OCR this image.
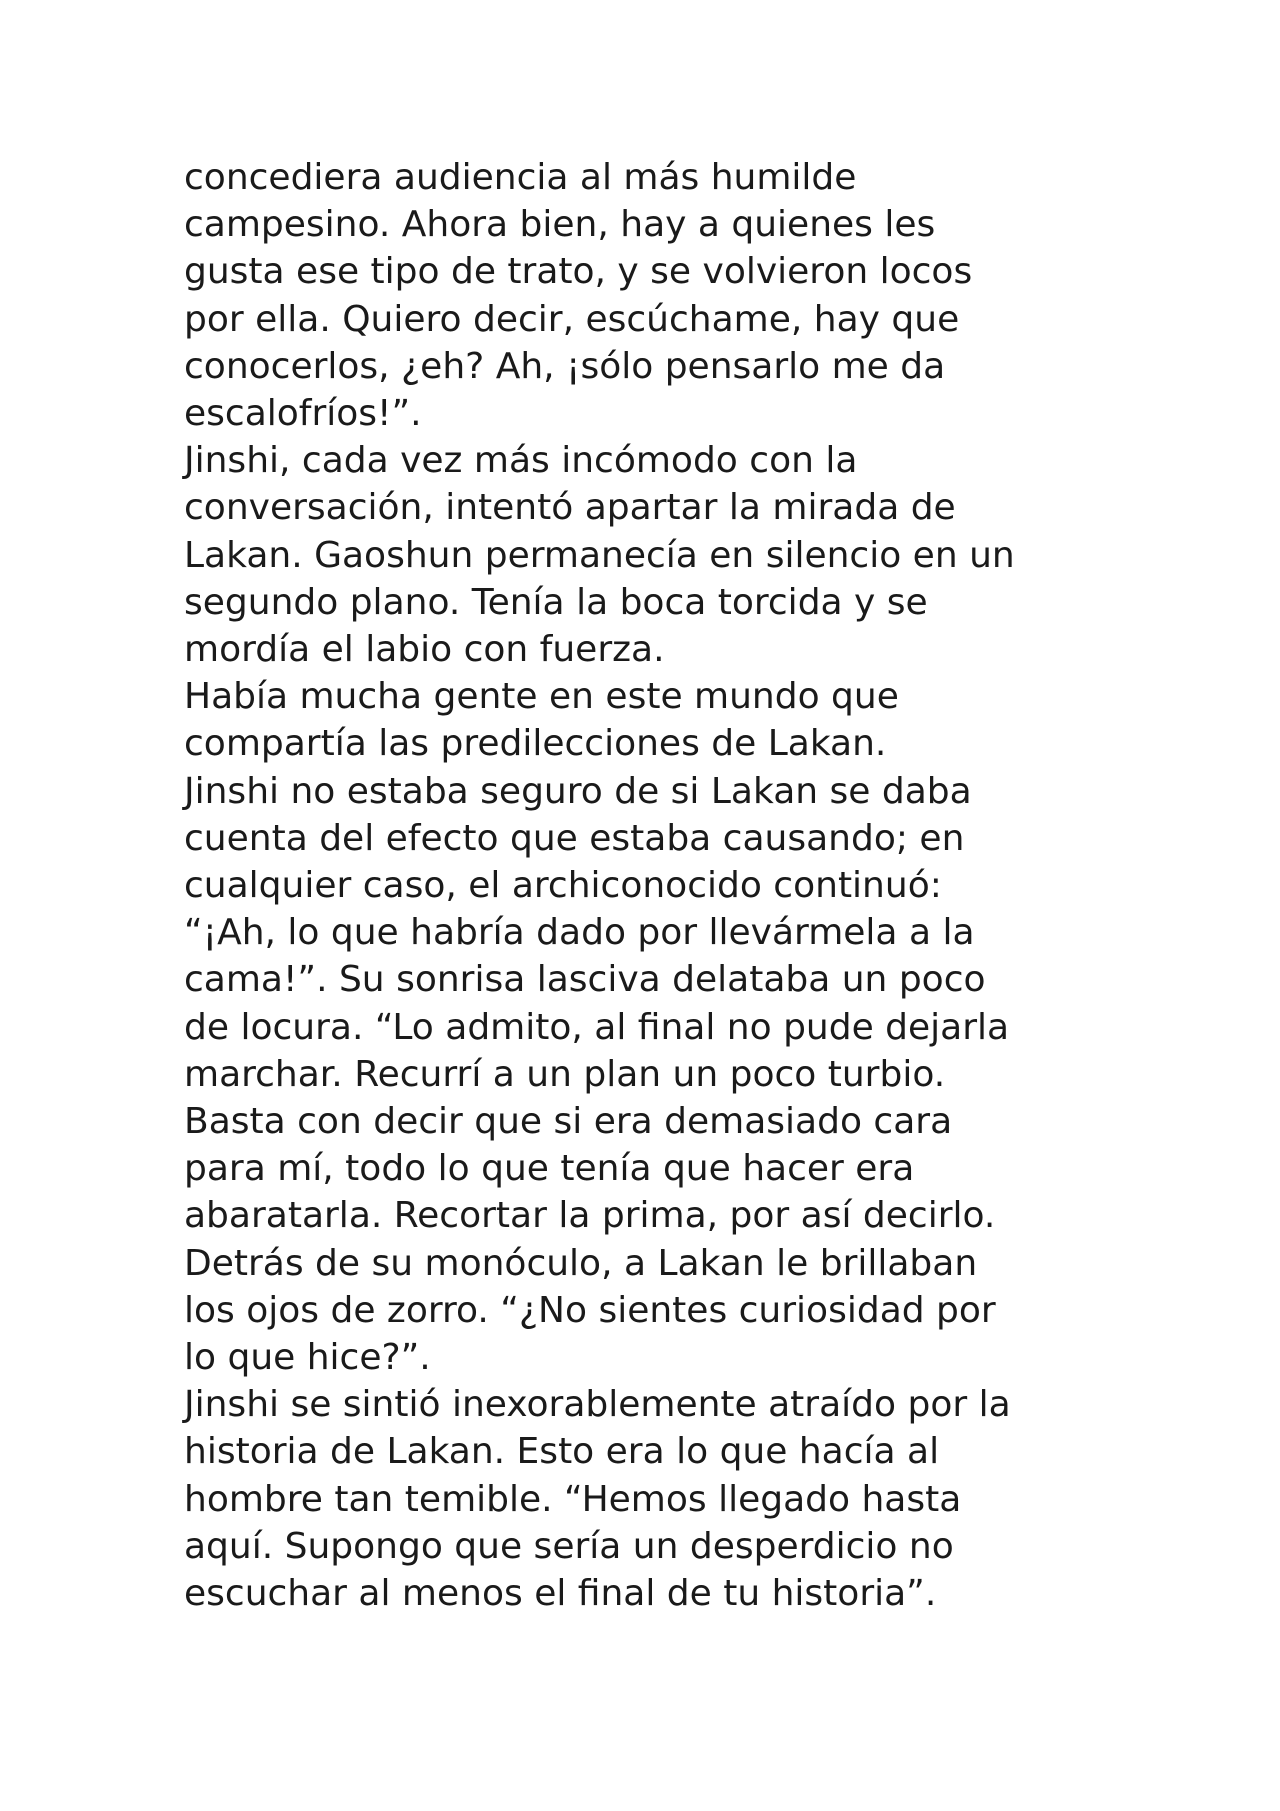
concediera audiencia al más humilde
campesino. Ahora bien, hay a quienes les
gusta ese tipo de trato, y se volvieron locos
por ella. Quiero decir, escúchame, hay que
conocerlos, ¿eh? Ah, ¡sólo pensarlo me da
escalofríos!”.
Jinshi, cada vez más incómodo con la
conversación, intentó apartar la mirada de
Lakan. Gaoshun permanecía en silencio en un
segundo plano. Tenía la boca torcida y se
mordía el labio con fuerza.
Había mucha gente en este mundo que
compartía las predilecciones de Lakan.
Jinshi no estaba seguro de si Lakan se daba
cuenta del efecto que estaba causando; en
cualquier caso, el archiconocido continuó:
“¡Ah, lo que habría dado por llevármela a la
cama!”. Su sonrisa lasciva delataba un poco
de locura. “Lo admito, al final no pude dejarla
marchar. Recurrí a un plan un poco turbio.
Basta con decir que si era demasiado cara
para mí, todo lo que tenía que hacer era
abaratarla. Recortar la prima, por así decirlo.
Detrás de su monóculo, a Lakan le brillaban
los ojos de zorro. “¿No sientes curiosidad por
lo que hice?”.
Jinshi se sintió inexorablemente atraído por la
historia de Lakan. Esto era lo que hacía al
hombre tan temible. “Hemos llegado hasta
aquí. Supongo que sería un desperdicio no
escuchar al menos el final de tu historia”.
